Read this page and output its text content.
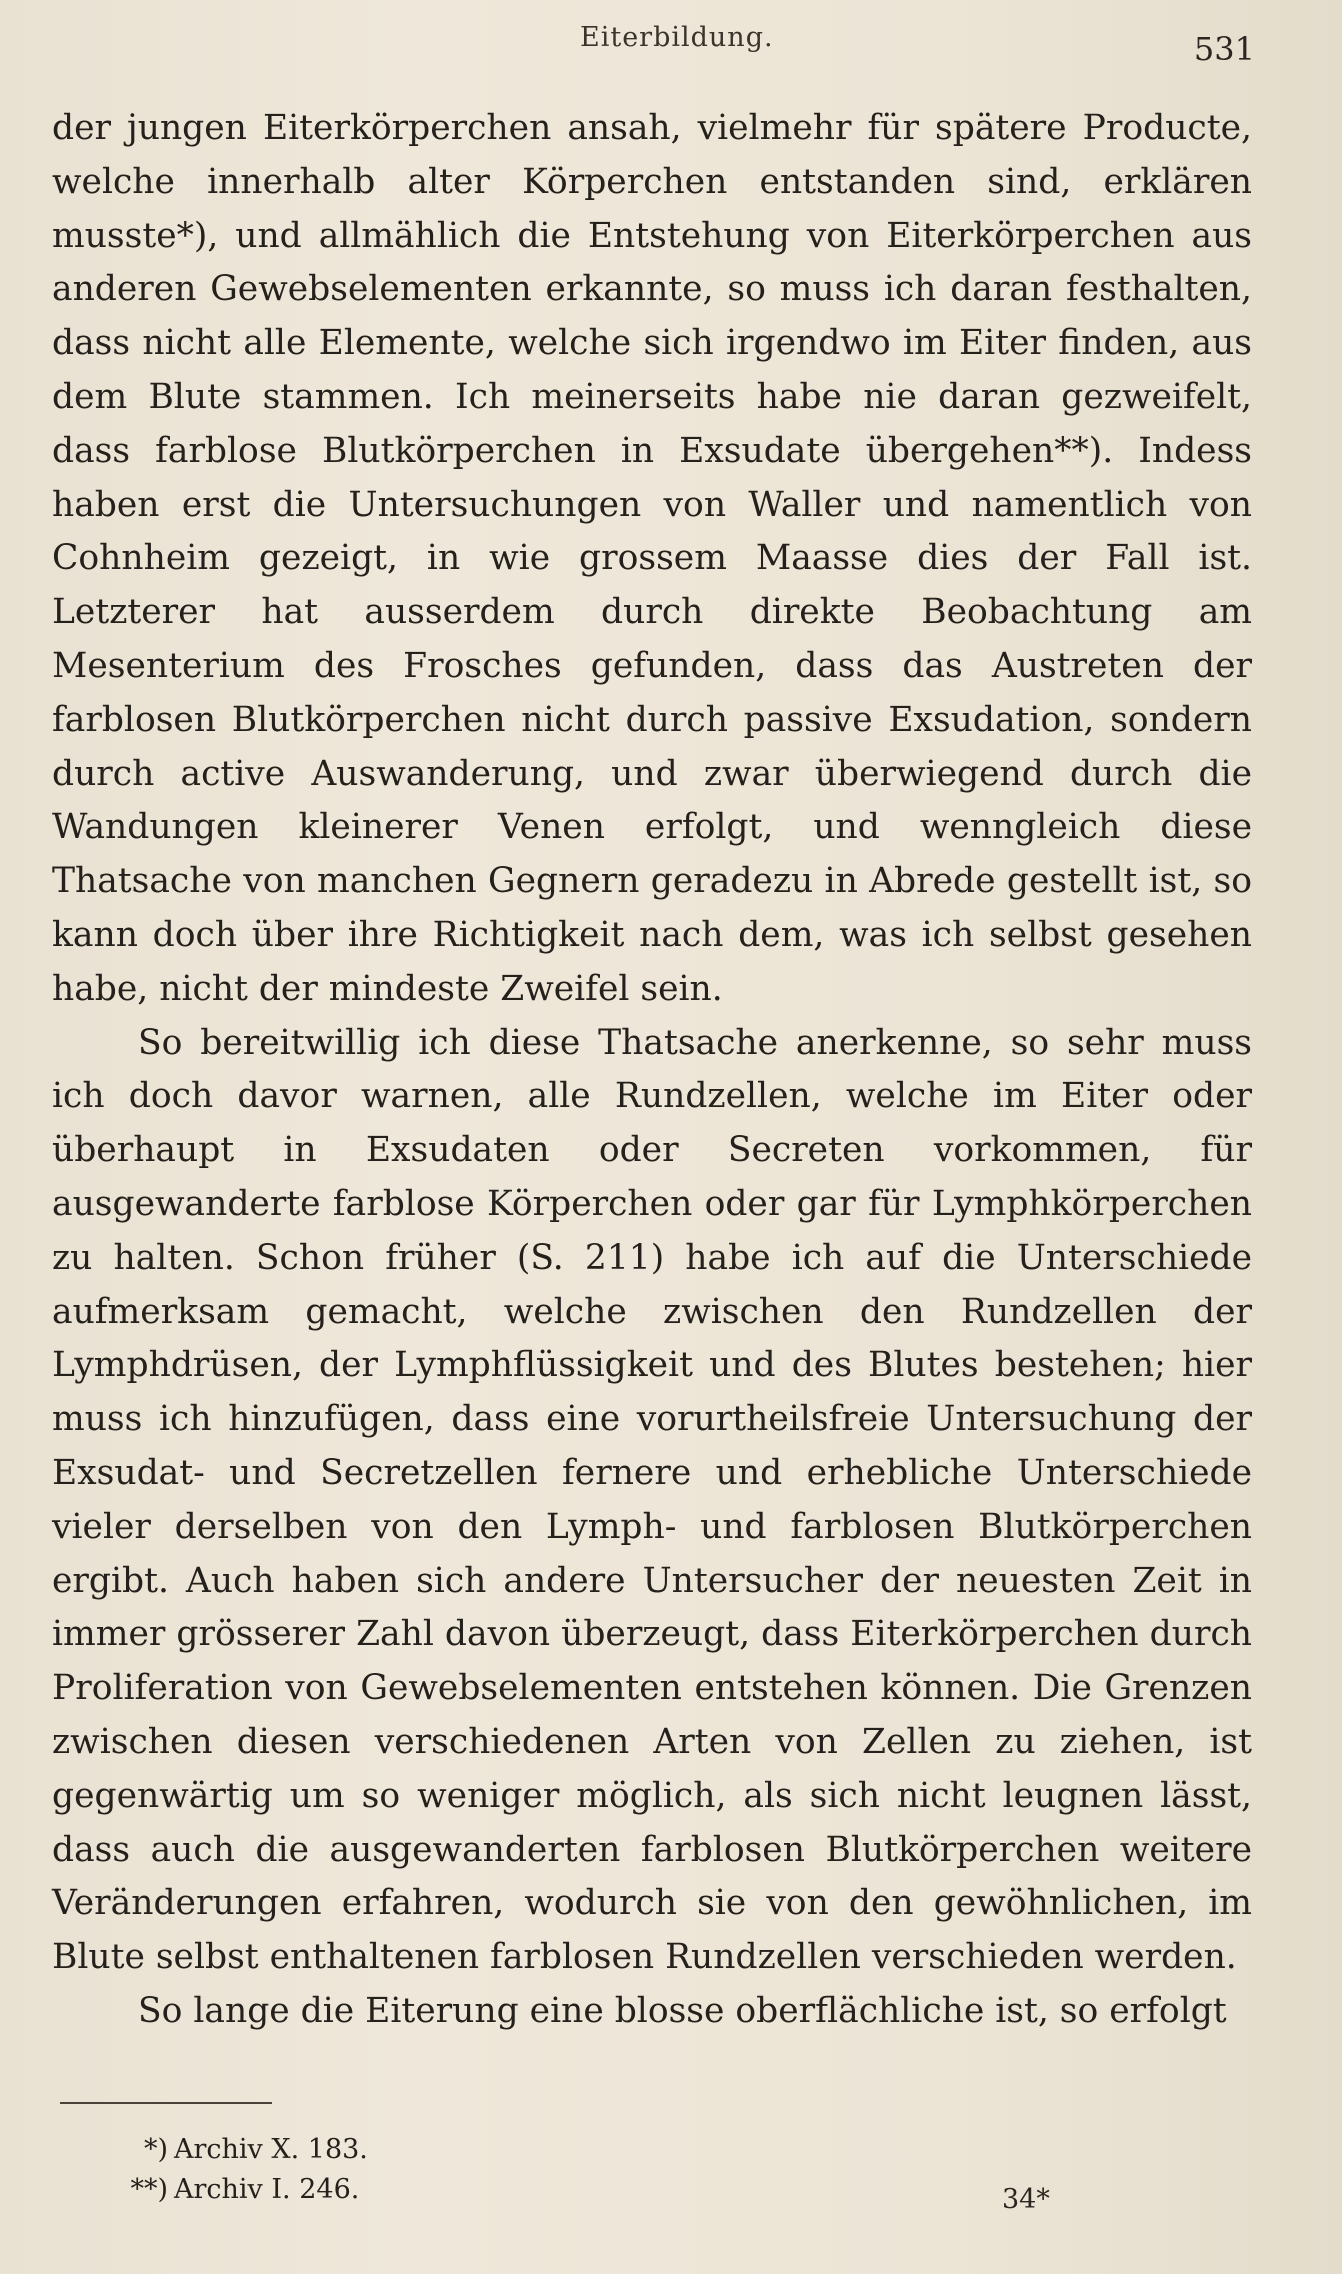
Eiterbildung.	531

der jungen Eiterkörperchen ansah, vielmehr für spätere Producte, welche innerhalb alter Körperchen entstanden sind, erklären musste*), und allmählich die Entstehung von Eiterkörperchen aus anderen Gewebselementen erkannte, so muss ich daran festhalten, dass nicht alle Elemente, welche sich irgendwo im Eiter finden, aus dem Blute stammen. Ich meinerseits habe nie daran gezweifelt, dass farblose Blutkörperchen in Exsudate übergehen**). Indess haben erst die Untersuchungen von Waller und namentlich von Cohnheim gezeigt, in wie grossem Maasse dies der Fall ist. Letzterer hat ausserdem durch direkte Beobachtung am Mesenterium des Frosches gefunden, dass das Austreten der farblosen Blutkörperchen nicht durch passive Exsudation, sondern durch active Auswanderung, und zwar überwiegend durch die Wandungen kleinerer Venen erfolgt, und wenngleich diese Thatsache von manchen Gegnern geradezu in Abrede gestellt ist, so kann doch über ihre Richtigkeit nach dem, was ich selbst gesehen habe, nicht der mindeste Zweifel sein.

So bereitwillig ich diese Thatsache anerkenne, so sehr muss ich doch davor warnen, alle Rundzellen, welche im Eiter oder überhaupt in Exsudaten oder Secreten vorkommen, für ausgewanderte farblose Körperchen oder gar für Lymphkörperchen zu halten. Schon früher (S. 211) habe ich auf die Unterschiede aufmerksam gemacht, welche zwischen den Rundzellen der Lymphdrüsen, der Lymphflüssigkeit und des Blutes bestehen; hier muss ich hinzufügen, dass eine vorurtheilsfreie Untersuchung der Exsudat- und Secretzellen fernere und erhebliche Unterschiede vieler derselben von den Lymph- und farblosen Blutkörperchen ergibt. Auch haben sich andere Untersucher der neuesten Zeit in immer grösserer Zahl davon überzeugt, dass Eiterkörperchen durch Proliferation von Gewebselementen entstehen können. Die Grenzen zwischen diesen verschiedenen Arten von Zellen zu ziehen, ist gegenwärtig um so weniger möglich, als sich nicht leugnen lässt, dass auch die ausgewanderten farblosen Blutkörperchen weitere Veränderungen erfahren, wodurch sie von den gewöhnlichen, im Blute selbst enthaltenen farblosen Rundzellen verschieden werden.

So lange die Eiterung eine blosse oberflächliche ist, so erfolgt

*) Archiv X. 183.
**) Archiv I. 246.	34*
